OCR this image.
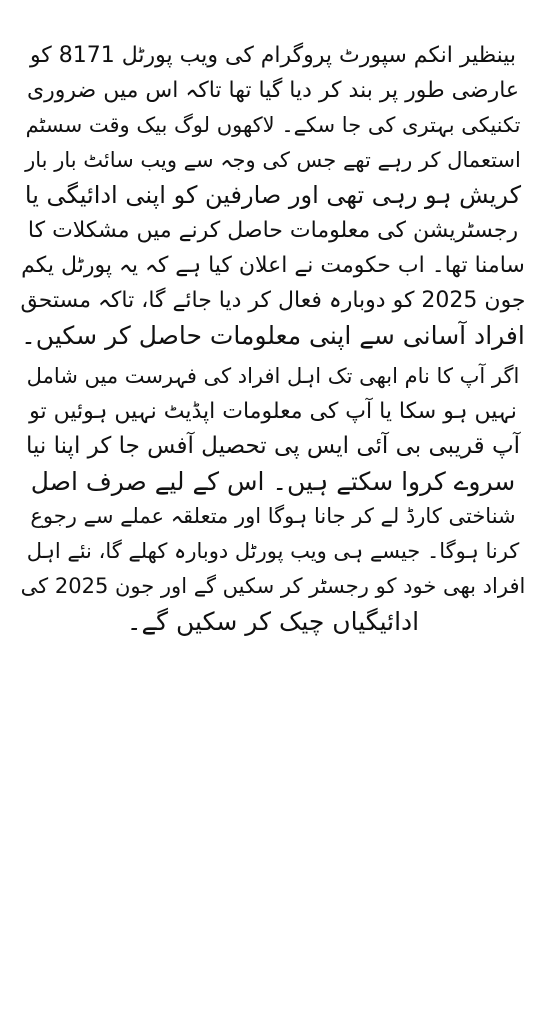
بینظیر انکم سپورٹ پروگرام کی ویب پورٹل 8171 کو
عارضی طور پر بند کر دیا گیا تھا تاکہ اس میں ضروری
تکنیکی بہتری کی جا سکے۔ لاکھوں لوگ بیک وقت سسٹم
استعمال کر رہے تھے جس کی وجہ سے ویب سائٹ بار بار
کریش ہو رہی تھی اور صارفین کو اپنی ادائیگی یا
رجسٹریشن کی معلومات حاصل کرنے میں مشکلات کا
سامنا تھا۔ اب حکومت نے اعلان کیا ہے کہ یہ پورٹل یکم
جون 2025 کو دوبارہ فعال کر دیا جائے گا، تاکہ مستحق
افراد آسانی سے اپنی معلومات حاصل کر سکیں۔
اگر آپ کا نام ابھی تک اہل افراد کی فہرست میں شامل
نہیں ہو سکا یا آپ کی معلومات اپڈیٹ نہیں ہوئیں تو
آپ قریبی بی آئی ایس پی تحصیل آفس جا کر اپنا نیا
سروے کروا سکتے ہیں۔ اس کے لیے صرف اصل
شناختی کارڈ لے کر جانا ہوگا اور متعلقہ عملے سے رجوع
کرنا ہوگا۔ جیسے ہی ویب پورٹل دوبارہ کھلے گا، نئے اہل
افراد بھی خود کو رجسٹر کر سکیں گے اور جون 2025 کی
ادائیگیاں چیک کر سکیں گے۔
